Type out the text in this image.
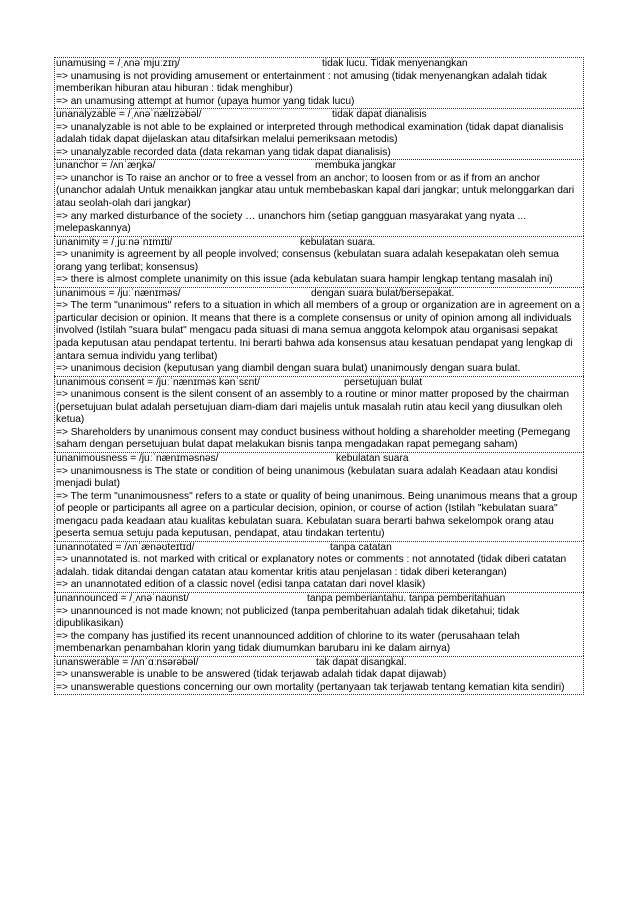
unamusing = /ˌʌnəˈmjuːzɪŋ/	tidak lucu. Tidak menyenangkan
=> unamusing is not providing amusement or entertainment : not amusing (tidak menyenangkan adalah tidak memberikan hiburan atau hiburan : tidak menghibur)
=> an unamusing attempt at humor (upaya humor yang tidak lucu)
unanalyzable = /ˌʌnəˈnælɪzəbəl/	tidak dapat dianalisis
=> unanalyzable is not able to be explained or interpreted through methodical examination (tidak dapat dianalisis adalah tidak dapat dijelaskan atau ditafsirkan melalui pemeriksaan metodis)
=> unanalyzable recorded data (data rekaman yang tidak dapat dianalisis)
unanchor = /ʌnˈæŋkə/	membuka jangkar
=> unanchor is To raise an anchor or to free a vessel from an anchor; to loosen from or as if from an anchor (unanchor adalah Untuk menaikkan jangkar atau untuk membebaskan kapal dari jangkar; untuk melonggarkan dari atau seolah-olah dari jangkar)
=> any marked disturbance of the society … unanchors him (setiap gangguan masyarakat yang nyata ... melepaskannya)
unanimity = /ˌjuːnəˈnɪmɪti/	kebulatan suara.
=> unanimity is agreement by all people involved; consensus (kebulatan suara adalah kesepakatan oleh semua orang yang terlibat; konsensus)
=> there is almost complete unanimity on this issue (ada kebulatan suara hampir lengkap tentang masalah ini)
unanimous = /juːˈnænɪməs/	dengan suara bulat/bersepakat.
=> The term "unanimous" refers to a situation in which all members of a group or organization are in agreement on a particular decision or opinion. It means that there is a complete consensus or unity of opinion among all individuals involved (Istilah "suara bulat" mengacu pada situasi di mana semua anggota kelompok atau organisasi sepakat pada keputusan atau pendapat tertentu. Ini berarti bahwa ada konsensus atau kesatuan pendapat yang lengkap di antara semua individu yang terlibat)
=> unanimous decision (keputusan yang diambil dengan suara bulat) unanimously dengan suara bulat.
unanimous consent = /juːˈnænɪməs kənˈsɛnt/	persetujuan bulat
=> unanimous consent is the silent consent of an assembly to a routine or minor matter proposed by the chairman (persetujuan bulat adalah persetujuan diam-diam dari majelis untuk masalah rutin atau kecil yang diusulkan oleh ketua)
=> Shareholders by unanimous consent may conduct business without holding a shareholder meeting (Pemegang saham dengan persetujuan bulat dapat melakukan bisnis tanpa mengadakan rapat pemegang saham)
unanimousness = /juːˈnænɪməsnəs/	kebulatan suara
=> unanimousness is The state or condition of being unanimous (kebulatan suara adalah Keadaan atau kondisi menjadi bulat)
=> The term "unanimousness" refers to a state or quality of being unanimous. Being unanimous means that a group of people or participants all agree on a particular decision, opinion, or course of action (Istilah "kebulatan suara" mengacu pada keadaan atau kualitas kebulatan suara. Kebulatan suara berarti bahwa sekelompok orang atau peserta semua setuju pada keputusan, pendapat, atau tindakan tertentu)
unannotated = /ʌnˈænəʊteɪtɪd/	tanpa catatan
=> unannotated is. not marked with critical or explanatory notes or comments : not annotated (tidak diberi catatan adalah. tidak ditandai dengan catatan atau komentar kritis atau penjelasan : tidak diberi keterangan)
=> an unannotated edition of a classic novel (edisi tanpa catatan dari novel klasik)
unannounced = /ˌʌnəˈnaʊnst/	tanpa pemberiantahu. tanpa pemberitahuan
=> unannounced is not made known; not publicized (tanpa pemberitahuan adalah tidak diketahui; tidak dipublikasikan)
=> the company has justified its recent unannounced addition of chlorine to its water (perusahaan telah membenarkan penambahan klorin yang tidak diumumkan barubaru ini ke dalam airnya)
unanswerable = /ʌnˈɑːnsərəbəl/	tak dapat disangkal.
=> unanswerable is unable to be answered (tidak terjawab adalah tidak dapat dijawab)
=> unanswerable questions concerning our own mortality (pertanyaan tak terjawab tentang kematian kita sendiri)
